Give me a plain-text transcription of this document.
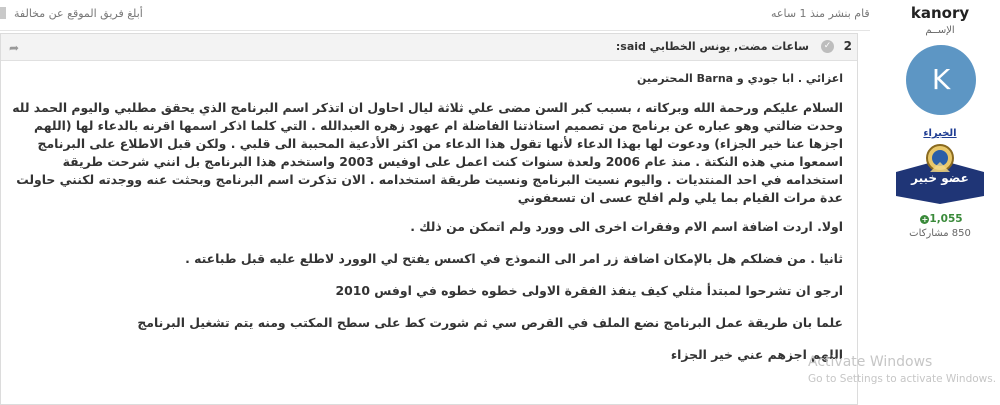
أبلغ فريق الموقع عن مخالفة	قام بنشر منذ 1 ساعه
➦	ساعات مضت, يونس الخطابي said:	✓ 2

اعزائي . ابا جودي و Barna المحترمين

السلام عليكم ورحمة الله وبركاته ، بسبب كبر السن مضى علي ثلاثة ليال احاول ان اتذكر اسم البرنامج الذي يحقق مطلبي واليوم الحمد لله وحدت ضالتي وهو عباره عن برنامج من تصميم استاذتنا الفاضلة ام عهود زهره العبدالله . التي كلما اذكر اسمها اقرنه بالدعاء لها (اللهم اجزها عنا خير الجزاء) ودعوت لها بهذا الدعاء لأنها تقول هذا الدعاء من اكثر الأدعية المحببة الى قلبي . ولكن قبل الاطلاع على البرنامج اسمعوا مني هذه النكتة . منذ عام 2006 ولعدة سنوات كنت اعمل على اوفيس 2003 واستخدم هذا البرنامج بل انني شرحت طريقة استخدامه في احد المنتديات . واليوم نسيت البرنامج ونسيت طريقة استخدامه . الان تذكرت اسم البرنامج وبحثت عنه ووجدته لكنني حاولت عدة مرات القيام بما يلي ولم افلح عسى ان تسعفوني

اولا. اردت اضافة اسم الام وفقرات اخرى الى وورد ولم اتمكن من ذلك .

ثانيا . من فضلكم هل بالإمكان اضافة زر امر الى النموذج في اكسس يفتح لي الوورد لاطلع عليه قبل طباعته .

ارجو ان تشرحوا لمبتدأ مثلي كيف ينفذ الفقرة الاولى خطوه خطوه في اوفس 2010

علما بان طريقة عمل البرنامج نضع الملف في القرص سي ثم شورت كط على سطح المكتب ومنه يتم تشغيل البرنامج

اللهم اجزهم عني خير الجزاء

kanory
الإســم
K
الخبراء
عضو خبير
+1,055
850 مشاركات
Activate Windows
Go to Settings to activate Windows.
